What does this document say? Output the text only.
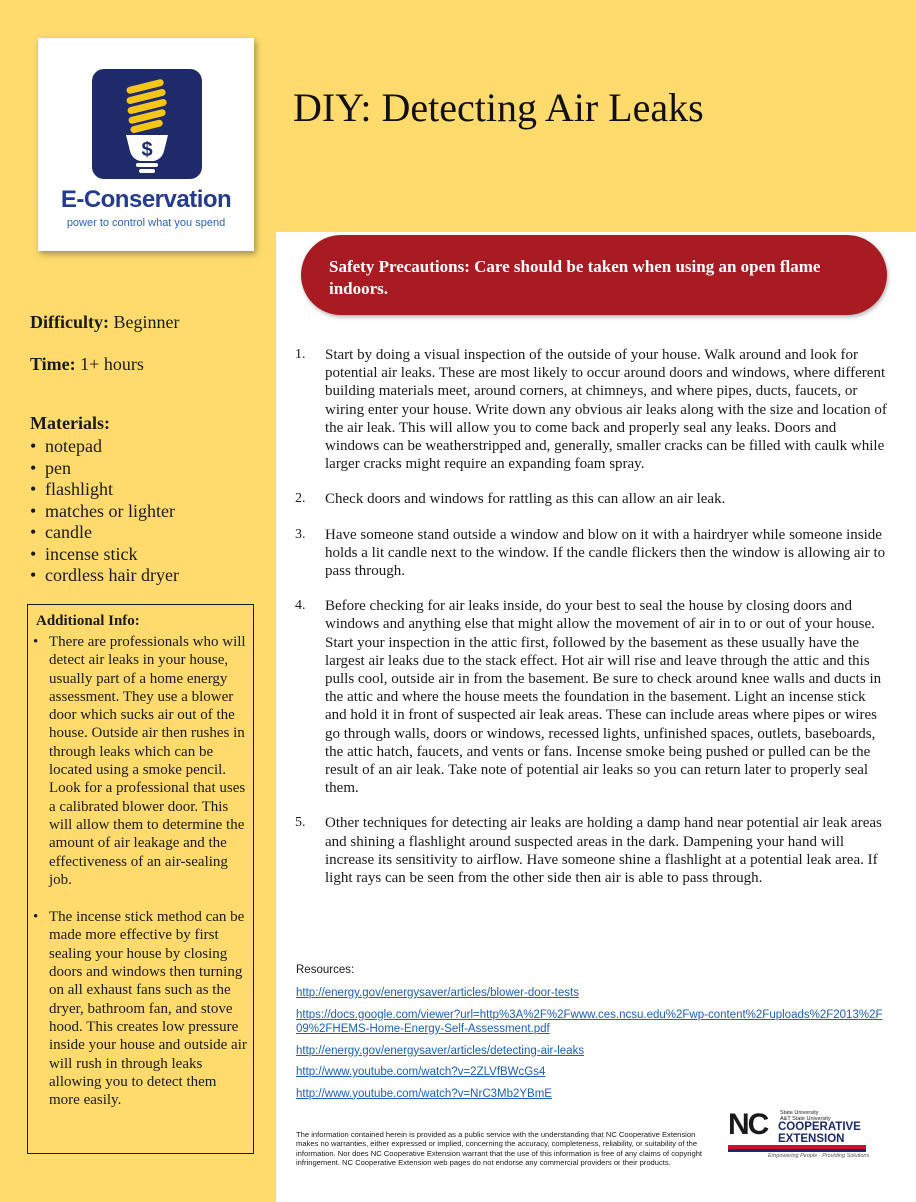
$
E-Conservation
power to control what you spend
DIY: Detecting Air Leaks
Safety Precautions: Care should be taken when using an open flame indoors.
Difficulty: Beginner
Time: 1+ hours
Materials:
• notepad
• pen
• flashlight
• matches or lighter
• candle
• incense stick
• cordless hair dryer
Additional Info:
• There are professionals who will detect air leaks in your house, usually part of a home energy assessment. They use a blower door which sucks air out of the house. Outside air then rushes in through leaks which can be located using a smoke pencil. Look for a professional that uses a calibrated blower door. This will allow them to determine the amount of air leakage and the effectiveness of an air-sealing job.
• The incense stick method can be made more effective by first sealing your house by closing doors and windows then turning on all exhaust fans such as the dryer, bathroom fan, and stove hood. This creates low pressure inside your house and outside air will rush in through leaks allowing you to detect them more easily.
1. Start by doing a visual inspection of the outside of your house. Walk around and look for potential air leaks. These are most likely to occur around doors and windows, where different building materials meet, around corners, at chimneys, and where pipes, ducts, faucets, or wiring enter your house. Write down any obvious air leaks along with the size and location of the air leak. This will allow you to come back and properly seal any leaks. Doors and windows can be weatherstripped and, generally, smaller cracks can be filled with caulk while larger cracks might require an expanding foam spray.
2. Check doors and windows for rattling as this can allow an air leak.
3. Have someone stand outside a window and blow on it with a hairdryer while someone inside holds a lit candle next to the window. If the candle flickers then the window is allowing air to pass through.
4. Before checking for air leaks inside, do your best to seal the house by closing doors and windows and anything else that might allow the movement of air in to or out of your house. Start your inspection in the attic first, followed by the basement as these usually have the largest air leaks due to the stack effect. Hot air will rise and leave through the attic and this pulls cool, outside air in from the basement. Be sure to check around knee walls and ducts in the attic and where the house meets the foundation in the basement. Light an incense stick and hold it in front of suspected air leak areas. These can include areas where pipes or wires go through walls, doors or windows, recessed lights, unfinished spaces, outlets, baseboards, the attic hatch, faucets, and vents or fans. Incense smoke being pushed or pulled can be the result of an air leak. Take note of potential air leaks so you can return later to properly seal them.
5. Other techniques for detecting air leaks are holding a damp hand near potential air leak areas and shining a flashlight around suspected areas in the dark. Dampening your hand will increase its sensitivity to airflow. Have someone shine a flashlight at a potential leak area. If light rays can be seen from the other side then air is able to pass through.
Resources:
http://energy.gov/energysaver/articles/blower-door-tests
https://docs.google.com/viewer?url=http%3A%2F%2Fwww.ces.ncsu.edu%2Fwp-content%2Fuploads%2F2013%2F09%2FHEMS-Home-Energy-Self-Assessment.pdf
http://energy.gov/energysaver/articles/detecting-air-leaks
http://www.youtube.com/watch?v=2ZLVfBWcGs4
http://www.youtube.com/watch?v=NrC3Mb2YBmE
The information contained herein is provided as a public service with the understanding that NC Cooperative Extension makes no warranties, either expressed or implied, concerning the accuracy, completeness, reliability, or suitability of the information. Nor does NC Cooperative Extension warrant that the use of this information is free of any claims of copyright infringement. NC Cooperative Extension web pages do not endorse any commercial providers or their products.
NC State University
A&T State University
COOPERATIVE
EXTENSION
Empowering People · Providing Solutions
